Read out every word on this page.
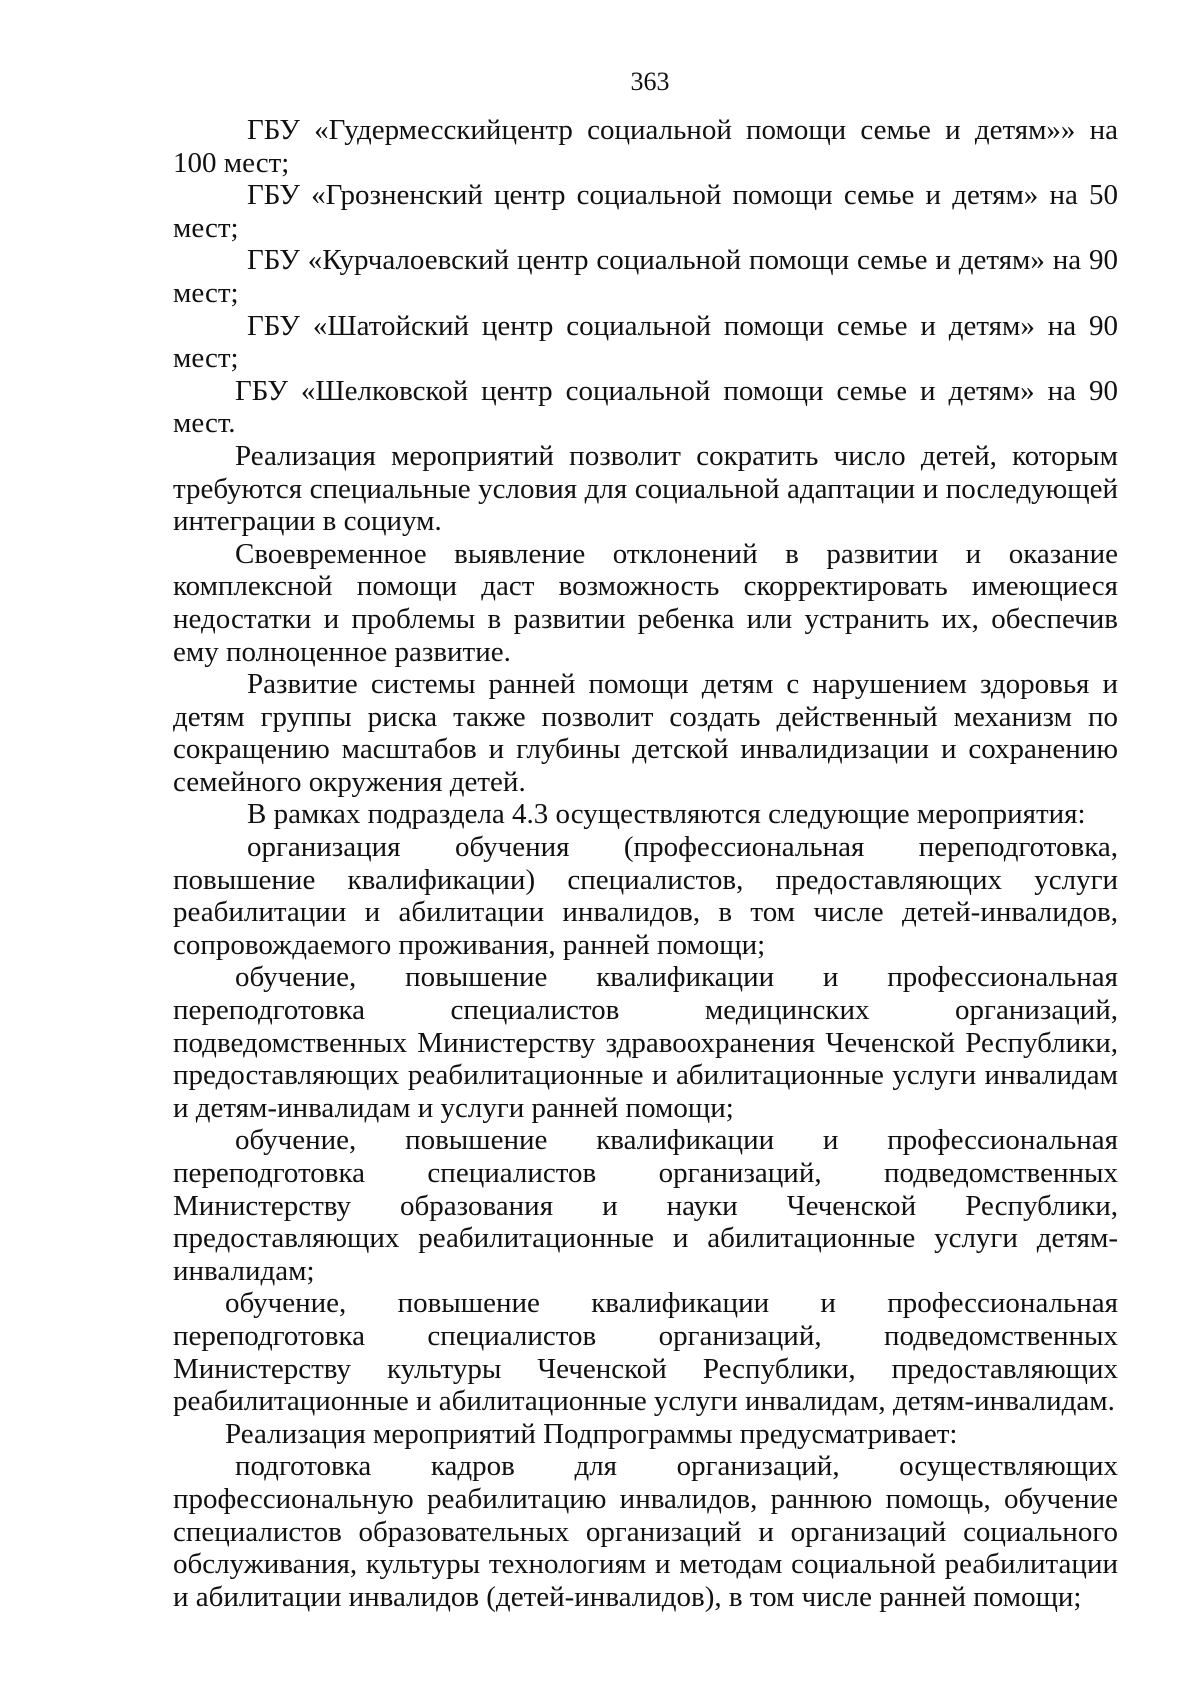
363

ГБУ «Гудермесскийцентр социальной помощи семье и детям»» на 100 мест;

ГБУ «Грозненский центр социальной помощи семье и детям» на 50 мест;

ГБУ «Курчалоевский центр социальной помощи семье и детям» на 90 мест;

ГБУ «Шатойский центр социальной помощи семье и детям» на 90 мест;

ГБУ «Шелковской центр социальной помощи семье и детям» на 90 мест.

Реализация мероприятий позволит сократить число детей, которым требуются специальные условия для социальной адаптации и последующей интеграции в социум.

Своевременное выявление отклонений в развитии и оказание комплексной помощи даст возможность скорректировать имеющиеся недостатки и проблемы в развитии ребенка или устранить их, обеспечив ему полноценное развитие.

Развитие системы ранней помощи детям с нарушением здоровья и детям группы риска также позволит создать действенный механизм по сокращению масштабов и глубины детской инвалидизации и сохранению семейного окружения детей.

В рамках подраздела 4.3 осуществляются следующие мероприятия:

организация обучения (профессиональная переподготовка, повышение квалификации) специалистов, предоставляющих услуги реабилитации и абилитации инвалидов, в том числе детей-инвалидов, сопровождаемого проживания, ранней помощи;

обучение, повышение квалификации и профессиональная переподготовка специалистов медицинских организаций, подведомственных Министерству здравоохранения Чеченской Республики, предоставляющих реабилитационные и абилитационные услуги инвалидам и детям-инвалидам и услуги ранней помощи;

обучение, повышение квалификации и профессиональная переподготовка специалистов организаций, подведомственных Министерству образования и науки Чеченской Республики, предоставляющих реабилитационные и абилитационные услуги детям-инвалидам;

обучение, повышение квалификации и профессиональная переподготовка специалистов организаций, подведомственных Министерству культуры Чеченской Республики, предоставляющих реабилитационные и абилитационные услуги инвалидам, детям-инвалидам.

Реализация мероприятий Подпрограммы предусматривает:

подготовка кадров для организаций, осуществляющих профессиональную реабилитацию инвалидов, раннюю помощь, обучение специалистов образовательных организаций и организаций социального обслуживания, культуры технологиям и методам социальной реабилитации и абилитации инвалидов (детей-инвалидов), в том числе ранней помощи;
